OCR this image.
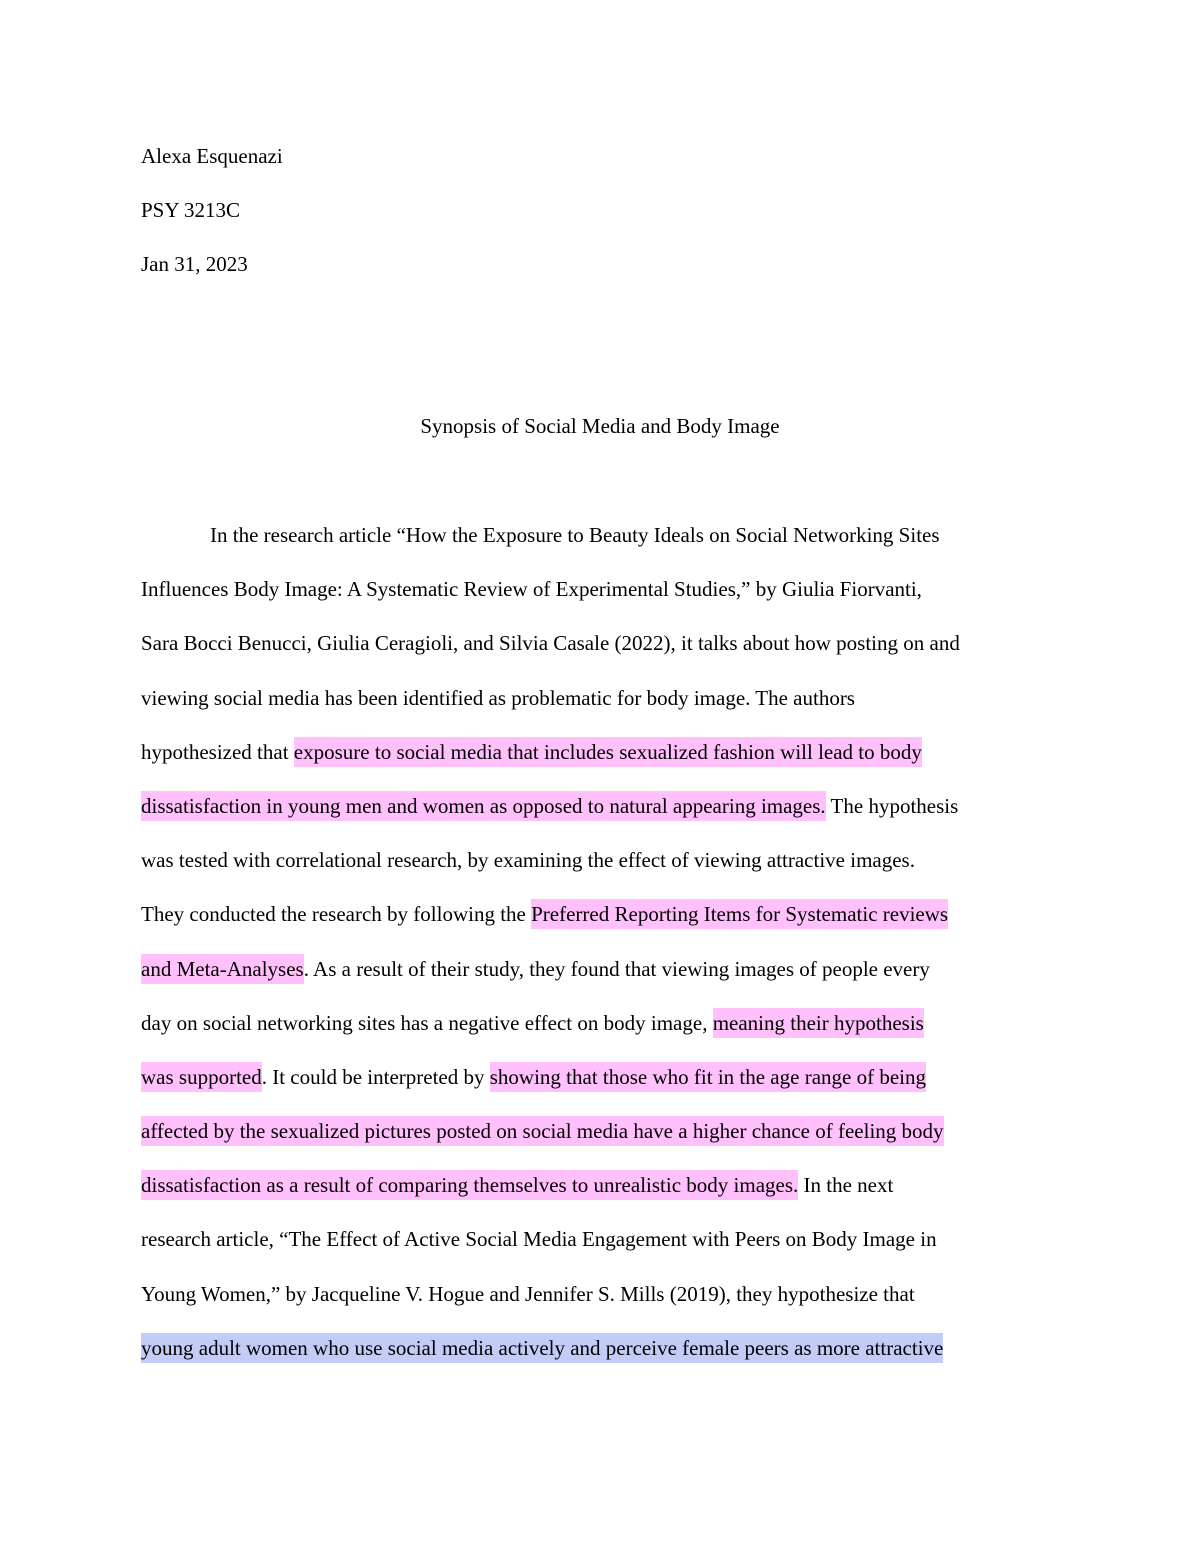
Alexa Esquenazi
PSY 3213C
Jan 31, 2023
Synopsis of Social Media and Body Image
In the research article “How the Exposure to Beauty Ideals on Social Networking Sites
Influences Body Image: A Systematic Review of Experimental Studies,” by Giulia Fiorvanti,
Sara Bocci Benucci, Giulia Ceragioli, and Silvia Casale (2022), it talks about how posting on and
viewing social media has been identified as problematic for body image. The authors
hypothesized that exposure to social media that includes sexualized fashion will lead to body
dissatisfaction in young men and women as opposed to natural appearing images. The hypothesis
was tested with correlational research, by examining the effect of viewing attractive images.
They conducted the research by following the Preferred Reporting Items for Systematic reviews
and Meta-Analyses. As a result of their study, they found that viewing images of people every
day on social networking sites has a negative effect on body image, meaning their hypothesis
was supported. It could be interpreted by showing that those who fit in the age range of being
affected by the sexualized pictures posted on social media have a higher chance of feeling body
dissatisfaction as a result of comparing themselves to unrealistic body images. In the next
research article, “The Effect of Active Social Media Engagement with Peers on Body Image in
Young Women,” by Jacqueline V. Hogue and Jennifer S. Mills (2019), they hypothesize that
young adult women who use social media actively and perceive female peers as more attractive
